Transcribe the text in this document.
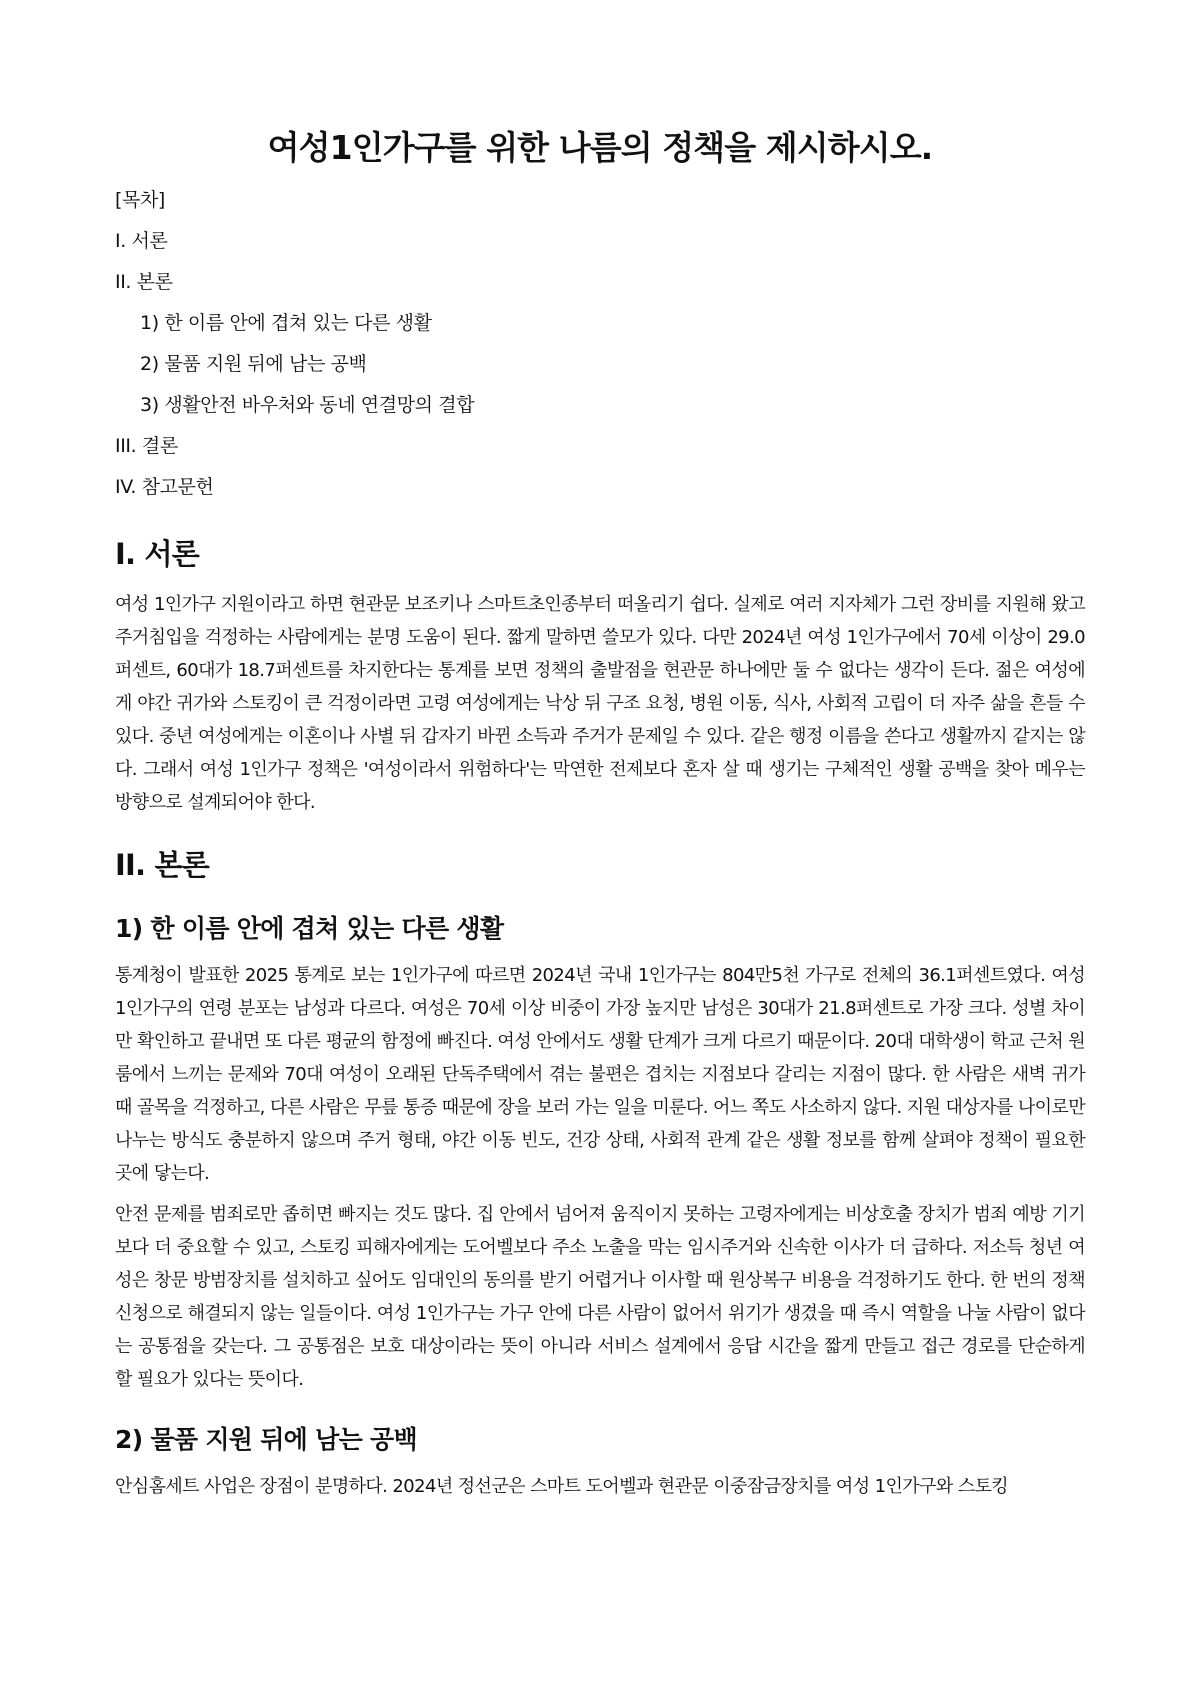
여성1인가구를 위한 나름의 정책을 제시하시오.
[목차]
I. 서론
II. 본론
1) 한 이름 안에 겹쳐 있는 다른 생활
2) 물품 지원 뒤에 남는 공백
3) 생활안전 바우처와 동네 연결망의 결합
III. 결론
IV. 참고문헌
I. 서론

여성 1인가구 지원이라고 하면 현관문 보조키나 스마트초인종부터 떠올리기 쉽다. 실제로 여러 지자체가 그런 장비를 지원해 왔고 주거침입을 걱정하는 사람에게는 분명 도움이 된다. 짧게 말하면 쓸모가 있다. 다만 2024년 여성 1인가구에서 70세 이상이 29.0퍼센트, 60대가 18.7퍼센트를 차지한다는 통계를 보면 정책의 출발점을 현관문 하나에만 둘 수 없다는 생각이 든다. 젊은 여성에게 야간 귀가와 스토킹이 큰 걱정이라면 고령 여성에게는 낙상 뒤 구조 요청, 병원 이동, 식사, 사회적 고립이 더 자주 삶을 흔들 수 있다. 중년 여성에게는 이혼이나 사별 뒤 갑자기 바뀐 소득과 주거가 문제일 수 있다. 같은 행정 이름을 쓴다고 생활까지 같지는 않다. 그래서 여성 1인가구 정책은 '여성이라서 위험하다'는 막연한 전제보다 혼자 살 때 생기는 구체적인 생활 공백을 찾아 메우는 방향으로 설계되어야 한다.

II. 본론
1) 한 이름 안에 겹쳐 있는 다른 생활

통계청이 발표한 2025 통계로 보는 1인가구에 따르면 2024년 국내 1인가구는 804만5천 가구로 전체의 36.1퍼센트였다. 여성 1인가구의 연령 분포는 남성과 다르다. 여성은 70세 이상 비중이 가장 높지만 남성은 30대가 21.8퍼센트로 가장 크다. 성별 차이만 확인하고 끝내면 또 다른 평균의 함정에 빠진다. 여성 안에서도 생활 단계가 크게 다르기 때문이다. 20대 대학생이 학교 근처 원룸에서 느끼는 문제와 70대 여성이 오래된 단독주택에서 겪는 불편은 겹치는 지점보다 갈리는 지점이 많다. 한 사람은 새벽 귀가 때 골목을 걱정하고, 다른 사람은 무릎 통증 때문에 장을 보러 가는 일을 미룬다. 어느 쪽도 사소하지 않다. 지원 대상자를 나이로만 나누는 방식도 충분하지 않으며 주거 형태, 야간 이동 빈도, 건강 상태, 사회적 관계 같은 생활 정보를 함께 살펴야 정책이 필요한 곳에 닿는다.

안전 문제를 범죄로만 좁히면 빠지는 것도 많다. 집 안에서 넘어져 움직이지 못하는 고령자에게는 비상호출 장치가 범죄 예방 기기보다 더 중요할 수 있고, 스토킹 피해자에게는 도어벨보다 주소 노출을 막는 임시주거와 신속한 이사가 더 급하다. 저소득 청년 여성은 창문 방범장치를 설치하고 싶어도 임대인의 동의를 받기 어렵거나 이사할 때 원상복구 비용을 걱정하기도 한다. 한 번의 정책 신청으로 해결되지 않는 일들이다. 여성 1인가구는 가구 안에 다른 사람이 없어서 위기가 생겼을 때 즉시 역할을 나눌 사람이 없다는 공통점을 갖는다. 그 공통점은 보호 대상이라는 뜻이 아니라 서비스 설계에서 응답 시간을 짧게 만들고 접근 경로를 단순하게 할 필요가 있다는 뜻이다.

2) 물품 지원 뒤에 남는 공백

안심홈세트 사업은 장점이 분명하다. 2024년 정선군은 스마트 도어벨과 현관문 이중잠금장치를 여성 1인가구와 스토킹
